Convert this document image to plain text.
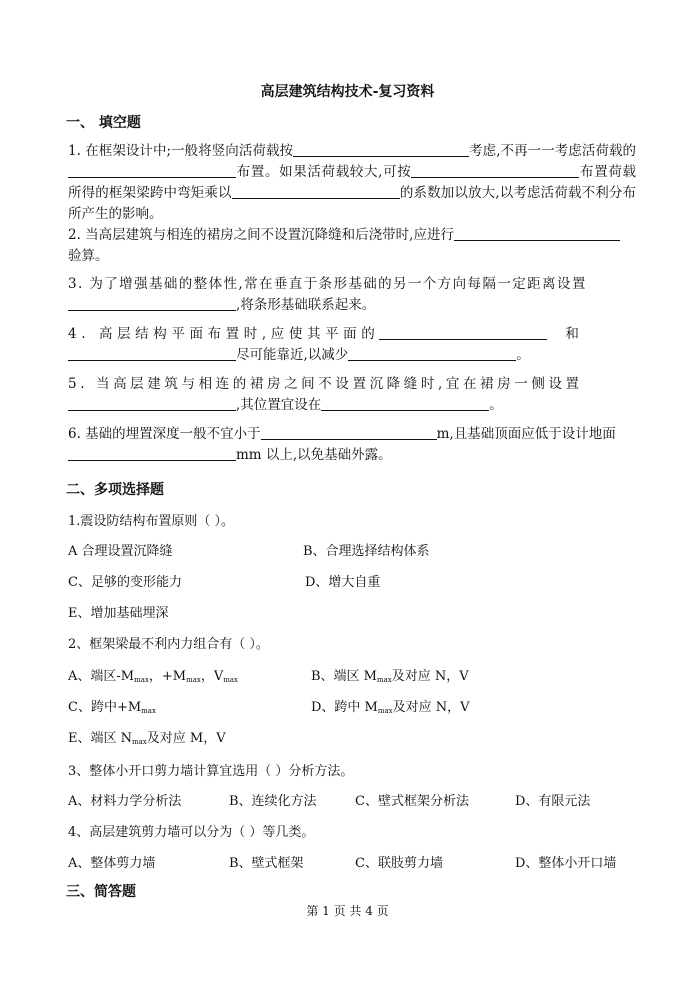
高层建筑结构技术-复习资料
一、 填空题
1. 在框架设计中;一般将竖向活荷载按	考虑,不再一一考虑活荷载的布置。如果活荷载较大,可按	布置荷载所得的框架梁跨中弯矩乘以	的系数加以放大,以考虑活荷载不利分布所产生的影响。
2. 当高层建筑与相连的裙房之间不设置沉降缝和后浇带时,应进行
验算。
3. 为了增强基础的整体性,常在垂直于条形基础的另一个方向每隔一定距离设置
,将条形基础联系起来。
4. 高层结构平面布置时,应使其平面的	和
尽可能靠近,以减少	。
5. 当高层建筑与相连的裙房之间不设置沉降缝时,宜在裙房一侧设置
,其位置宜设在	。
6. 基础的埋置深度一般不宜小于	m,且基础顶面应低于设计地面
mm 以上,以免基础外露。
二、多项选择题
1.震设防结构布置原则（ ）。
A 合理设置沉降缝	B、合理选择结构体系
C、足够的变形能力	D、增大自重
E、增加基础埋深
2、框架梁最不利内力组合有（ ）。
A、端区$-M_{max}$，$+M_{max}$，$V_{max}$	B、端区 $M_{max}$及对应 N，V
C、跨中$+M_{max}$	D、跨中 $M_{max}$及对应 N，V
E、端区 $N_{max}$及对应 M，V
3、整体小开口剪力墙计算宜选用（ ）分析方法。
A、材料力学分析法	B、连续化方法	C、壁式框架分析法	D、有限元法
4、高层建筑剪力墙可以分为（ ）等几类。
A、整体剪力墙	B、壁式框架	C、联肢剪力墙	D、整体小开口墙
三、简答题
第 1 页 共 4 页
